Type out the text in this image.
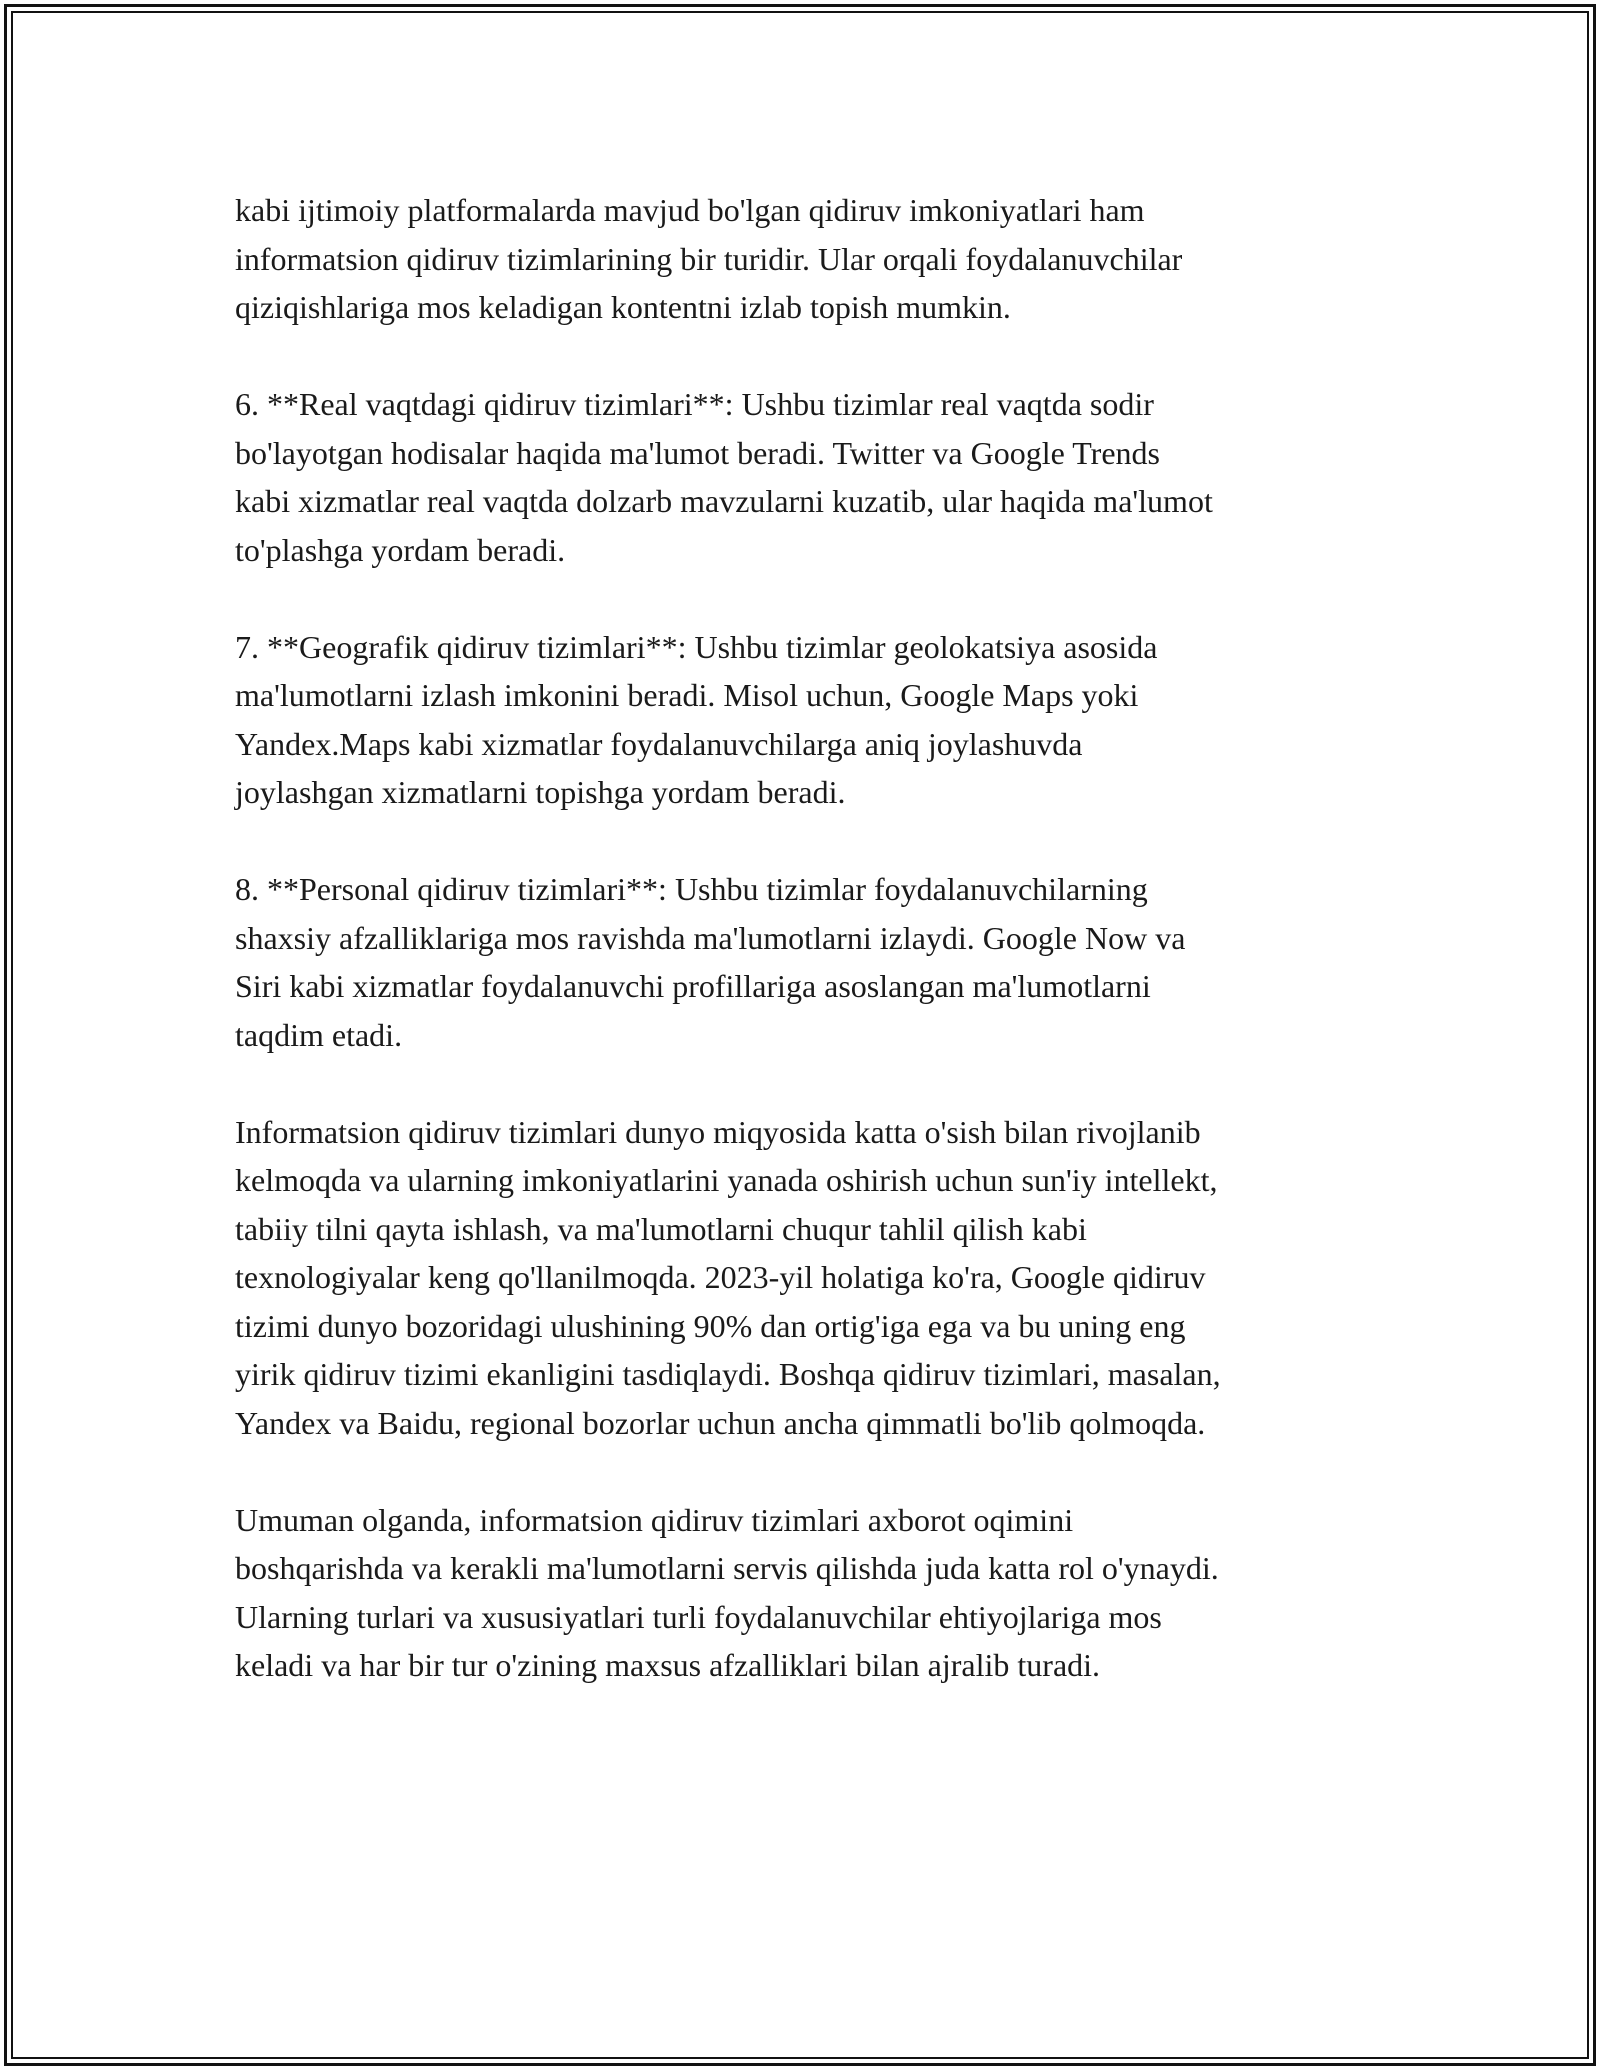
kabi ijtimoiy platformalarda mavjud bo'lgan qidiruv imkoniyatlari ham
informatsion qidiruv tizimlarining bir turidir. Ular orqali foydalanuvchilar
qiziqishlariga mos keladigan kontentni izlab topish mumkin.

6. **Real vaqtdagi qidiruv tizimlari**: Ushbu tizimlar real vaqtda sodir
bo'layotgan hodisalar haqida ma'lumot beradi. Twitter va Google Trends
kabi xizmatlar real vaqtda dolzarb mavzularni kuzatib, ular haqida ma'lumot
to'plashga yordam beradi.

7. **Geografik qidiruv tizimlari**: Ushbu tizimlar geolokatsiya asosida
ma'lumotlarni izlash imkonini beradi. Misol uchun, Google Maps yoki
Yandex.Maps kabi xizmatlar foydalanuvchilarga aniq joylashuvda
joylashgan xizmatlarni topishga yordam beradi.

8. **Personal qidiruv tizimlari**: Ushbu tizimlar foydalanuvchilarning
shaxsiy afzalliklariga mos ravishda ma'lumotlarni izlaydi. Google Now va
Siri kabi xizmatlar foydalanuvchi profillariga asoslangan ma'lumotlarni
taqdim etadi.

Informatsion qidiruv tizimlari dunyo miqyosida katta o'sish bilan rivojlanib
kelmoqda va ularning imkoniyatlarini yanada oshirish uchun sun'iy intellekt,
tabiiy tilni qayta ishlash, va ma'lumotlarni chuqur tahlil qilish kabi
texnologiyalar keng qo'llanilmoqda. 2023-yil holatiga ko'ra, Google qidiruv
tizimi dunyo bozoridagi ulushining 90% dan ortig'iga ega va bu uning eng
yirik qidiruv tizimi ekanligini tasdiqlaydi. Boshqa qidiruv tizimlari, masalan,
Yandex va Baidu, regional bozorlar uchun ancha qimmatli bo'lib qolmoqda.

Umuman olganda, informatsion qidiruv tizimlari axborot oqimini
boshqarishda va kerakli ma'lumotlarni servis qilishda juda katta rol o'ynaydi.
Ularning turlari va xususiyatlari turli foydalanuvchilar ehtiyojlariga mos
keladi va har bir tur o'zining maxsus afzalliklari bilan ajralib turadi.
